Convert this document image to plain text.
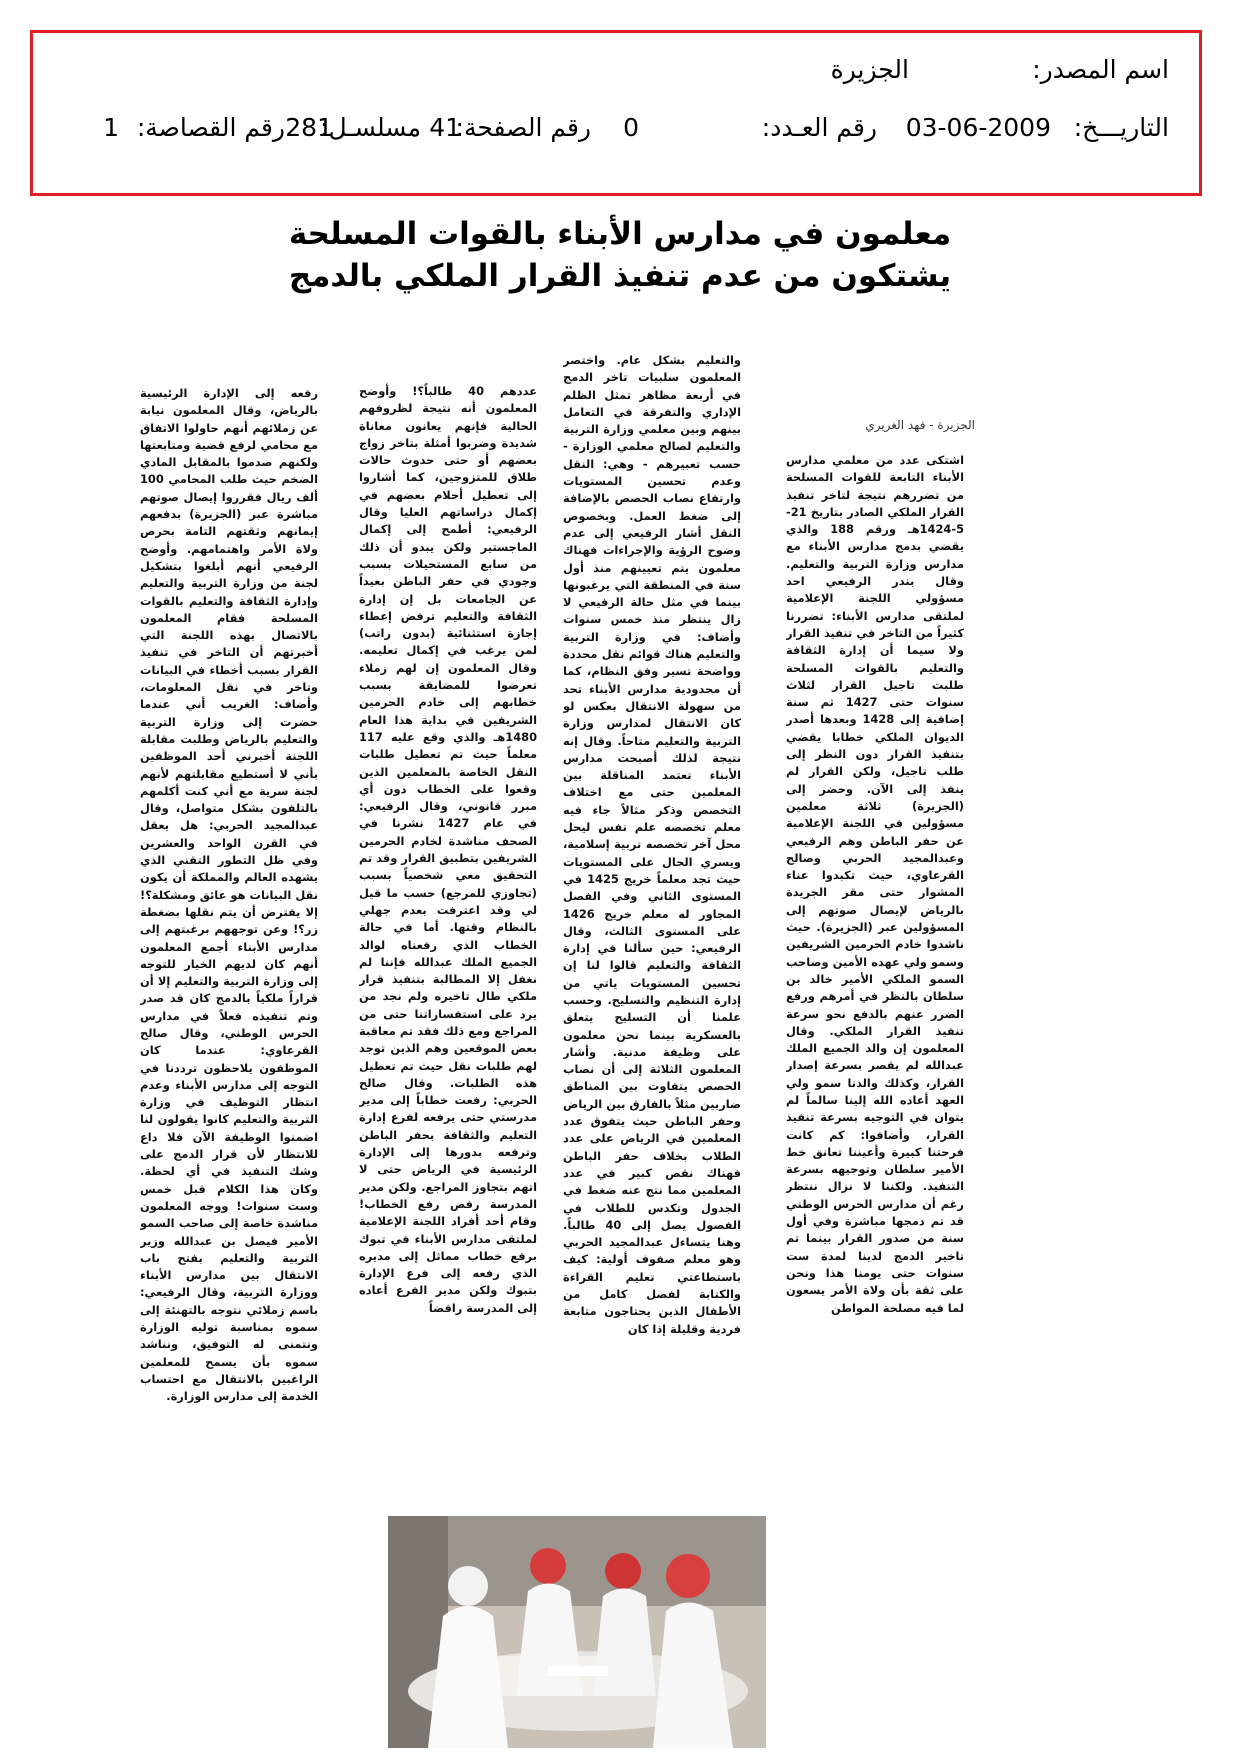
اسم المصدر:
الجزيرة
التاريـــخ:
03-06-2009
رقم العـدد:
0
رقم الصفحة:
41
مسلسـل:
281
رقم القصاصة:
1
معلمون في مدارس الأبناء بالقوات المسلحة
يشتكون من عدم تنفيذ القرار الملكي بالدمج
الجزيرة - فهد الغريري

اشتكى عدد من معلمي مدارس الأبناء التابعة للقوات المسلحة من تضررهم نتيجة لتاخر تنفيذ القرار الملكي الصادر بتاريخ 21-5-1424هـ ورقم 188 والذي يقضي بدمج مدارس الأبناء مع مدارس وزارة التربية والتعليم. وقال بندر الرفيعي احد مسؤولي اللجنة الإعلامية لملتقى مدارس الأبناء: تضررنا كثيراً من التاخر في تنفيذ القرار ولا سيما أن إدارة الثقافة والتعليم بالقوات المسلحة طلبت تاجيل القرار لثلاث سنوات حتى 1427 ثم سنة إضافية إلى 1428 وبعدها أصدر الديوان الملكي خطابا يقضي بتنفيذ القرار دون النظر إلى طلب تاجيل، ولكن القرار لم ينفذ إلى الآن. وحضر إلى (الجزيرة) ثلاثة معلمين مسؤولين في اللجنة الإعلامية عن حفر الباطن وهم الرفيعي وعبدالمجيد الحربي وصالح القرعاوي، حيث تكبدوا عناء المشوار حتى مقر الجريدة بالرياض لإيصال صوتهم إلى المسؤولين عبر (الجزيرة). حيث ناشدوا خادم الحرمين الشريفين وسمو ولي عهده الأمين وصاحب السمو الملكي الأمير خالد بن سلطان بالنظر في أمرهم ورفع الضرر عنهم بالدفع نحو سرعة تنفيذ القرار الملكي. وقال المعلمون إن والد الجميع الملك عبدالله لم يقصر بسرعة إصدار القرار، وكذلك والدنا سمو ولي العهد أعاده الله إلينا سالماً لم يتوان في التوجيه بسرعة تنفيذ القرار، وأضافوا: كم كانت فرحتنا كبيرة وأعيننا تعانق خط الأمير سلطان وتوجيهه بسرعة التنفيذ. ولكننا لا نزال ننتظر رغم أن مدارس الحرس الوطني قد تم دمجها مباشرة وفي أول سنة من صدور القرار بينما تم تاخير الدمج لدينا لمدة ست سنوات حتى يومنا هذا ونحن على ثقة بأن ولاة الأمر يسعون لما فيه مصلحة المواطن

والتعليم بشكل عام. واختصر المعلمون سلبيات تاخر الدمج في أربعة مظاهر تمثل الظلم الإداري والتفرقة في التعامل بينهم وبين معلمي وزارة التربية والتعليم لصالح معلمي الوزارة - حسب تعبيرهم - وهي: النقل وعدم تحسين المستويات وارتفاع نصاب الحصص بالإضافة إلى ضغط العمل. وبخصوص النقل أشار الرفيعي إلى عدم وضوح الرؤية والإجراءات فهناك معلمون يتم تعيينهم منذ أول سنة في المنطقة التي يرغبونها بينما في مثل حالة الرفيعي لا زال ينتظر منذ خمس سنوات وأضاف: في وزارة التربية والتعليم هناك قوائم نقل محددة وواضحة تسير وفق النظام، كما أن محدودية مدارس الأبناء تحد من سهولة الانتقال بعكس لو كان الانتقال لمدارس وزارة التربية والتعليم متاحاً. وقال إنه نتيجة لذلك أصبحت مدارس الأبناء تعتمد المناقلة بين المعلمين حتى مع اختلاف التخصص وذكر مثالاً جاء فيه معلم تخصصه علم نفس ليحل محل آخر تخصصه تربية إسلامية، ويسري الحال على المستويات حيث تجد معلماً خريج 1425 في المستوى الثاني وفي الفصل المجاور له معلم خريج 1426 على المستوى الثالث، وقال الرفيعي: حين سألنا في إدارة الثقافة والتعليم قالوا لنا إن تحسين المستويات ياتي من إدارة التنظيم والتسليح. وحسب علمنا أن التسليح يتعلق بالعسكرية بينما نحن معلمون على وظيفة مدنية. وأشار المعلمون الثلاثة إلى أن نصاب الحصص يتفاوت بين المناطق ضاربين مثلاً بالفارق بين الرياض وحفر الباطن حيث يتفوق عدد المعلمين في الرياض على عدد الطلاب بخلاف حفر الباطن فهناك نقص كبير في عدد المعلمين مما نتج عنه ضغط في الجدول وتكدس للطلاب في الفصول يصل إلى 40 طالباً. وهنا يتساءل عبدالمجيد الحربي وهو معلم صفوف أولية: كيف باستطاعتي تعليم القراءة والكتابة لفصل كامل من الأطفال الذين يحتاجون متابعة فردية وقليلة إذا كان

عددهم 40 طالباً؟! وأوضح المعلمون أنه نتيجة لظروفهم الحالية فإنهم يعانون معاناة شديدة وضربوا أمثلة بتاخر زواج بعضهم أو حتى حدوث حالات طلاق للمتزوجين، كما أشاروا إلى تعطيل أحلام بعضهم في إكمال دراساتهم العليا وقال الرفيعي: أطمح إلى إكمال الماجستير ولكن يبدو أن ذلك من سابع المستحيلات بسبب وجودي في حفر الباطن بعيداً عن الجامعات بل إن إدارة الثقافة والتعليم ترفض إعطاء إجازة استثنائية (بدون راتب) لمن يرغب في إكمال تعليمه. وقال المعلمون إن لهم زملاء تعرضوا للمضايقة بسبب خطابهم إلى خادم الحرمين الشريفين في بداية هذا العام 1480هـ والذي وقع عليه 117 معلماً حيث تم تعطيل طلبات النقل الخاصة بالمعلمين الذين وقعوا على الخطاب دون أي مبرر قانوني، وقال الرفيعي: في عام 1427 نشرنا في الصحف مناشدة لخادم الحرمين الشريفين بتطبيق القرار وقد تم التحقيق معي شخصياً بسبب (تجاوزي للمرجع) حسب ما قيل لي وقد اعترفت بعدم جهلي بالنظام وقتها. أما في حالة الخطاب الذي رفعناه لوالد الجميع الملك عبدالله فإننا لم نغفل إلا المطالبة بتنفيذ قرار ملكي طال تاخيره ولم نجد من يرد على استفساراتنا حتى من المراجع ومع ذلك فقد تم معاقبة بعض الموقعين وهم الذين توجد لهم طلبات نقل حيث تم تعطيل هذه الطلبات. وقال صالح الحربي: رفعت خطاباً إلى مدير مدرستي حتى يرفعه لفرع إدارة التعليم والثقافة بحفر الباطن وترفعه بدورها إلى الإدارة الرئيسية في الرياض حتى لا اتهم بتجاوز المراجع. ولكن مدير المدرسة رفض رفع الخطاب! وقام أحد أفراد اللجنة الإعلامية لملتقى مدارس الأبناء في تبوك برفع خطاب مماثل إلى مديره الذي رفعه إلى فرع الإدارة بتبوك ولكن مدير الفرع أعاده إلى المدرسة رافضاً

رفعه إلى الإدارة الرئيسية بالرياض، وقال المعلمون نيابة عن زملائهم أنهم حاولوا الاتفاق مع محامي لرفع قضية ومتابعتها ولكنهم صدموا بالمقابل المادي الضخم حيث طلب المحامي 100 ألف ريال فقرروا إيصال صوتهم مباشرة عبر (الجزيرة) بدفعهم إيمانهم وثقتهم التامة بحرص ولاة الأمر واهتمامهم. وأوضح الرفيعي أنهم أبلغوا بتشكيل لجنة من وزارة التربية والتعليم وإدارة الثقافة والتعليم بالقوات المسلحة فقام المعلمون بالاتصال بهذه اللجنة التي أخبرتهم أن التاخر في تنفيذ القرار بسبب أخطاء في البيانات وتاخر في نقل المعلومات، وأضاف: الغريب أني عندما حضرت إلى وزارة التربية والتعليم بالرياض وطلبت مقابلة اللجنة أخبرني أحد الموظفين بأني لا أستطيع مقابلتهم لأنهم لجنة سرية مع أني كنت أكلمهم بالتلفون بشكل متواصل، وقال عبدالمجيد الحربي: هل يعقل في القرن الواحد والعشرين وفي ظل التطور التقني الذي يشهده العالم والمملكة أن يكون نقل البيانات هو عائق ومشكلة؟! إلا يفترض أن يتم نقلها بضغطة زر؟! وعن توجههم برغبتهم إلى مدارس الأبناء أجمع المعلمون أنهم كان لديهم الخيار للتوجه إلى وزارة التربية والتعليم إلا أن قراراً ملكياً بالدمج كان قد صدر وتم تنفيذه فعلاً في مدارس الحرس الوطني، وقال صالح القرعاوي: عندما كان الموظفون يلاحظون ترددنا في التوجه إلى مدارس الأبناء وعدم انتظار التوظيف في وزارة التربية والتعليم كانوا يقولون لنا اضمنوا الوظيفة الآن فلا داع للانتظار لأن قرار الدمج على وشك التنفيذ في أي لحظة. وكان هذا الكلام قبل خمس وست سنوات! ووجه المعلمون مناشدة خاصة إلى صاحب السمو الأمير فيصل بن عبدالله وزير التربية والتعليم بفتح باب الانتقال بين مدارس الأبناء ووزارة التربية، وقال الرفيعي: باسم زملائي نتوجه بالتهنئة إلى سموه بمناسبة توليه الوزارة ونتمنى له التوفيق، ونناشد سموه بأن يسمح للمعلمين الراغبين بالانتقال مع احتساب الخدمة إلى مدارس الوزارة.
